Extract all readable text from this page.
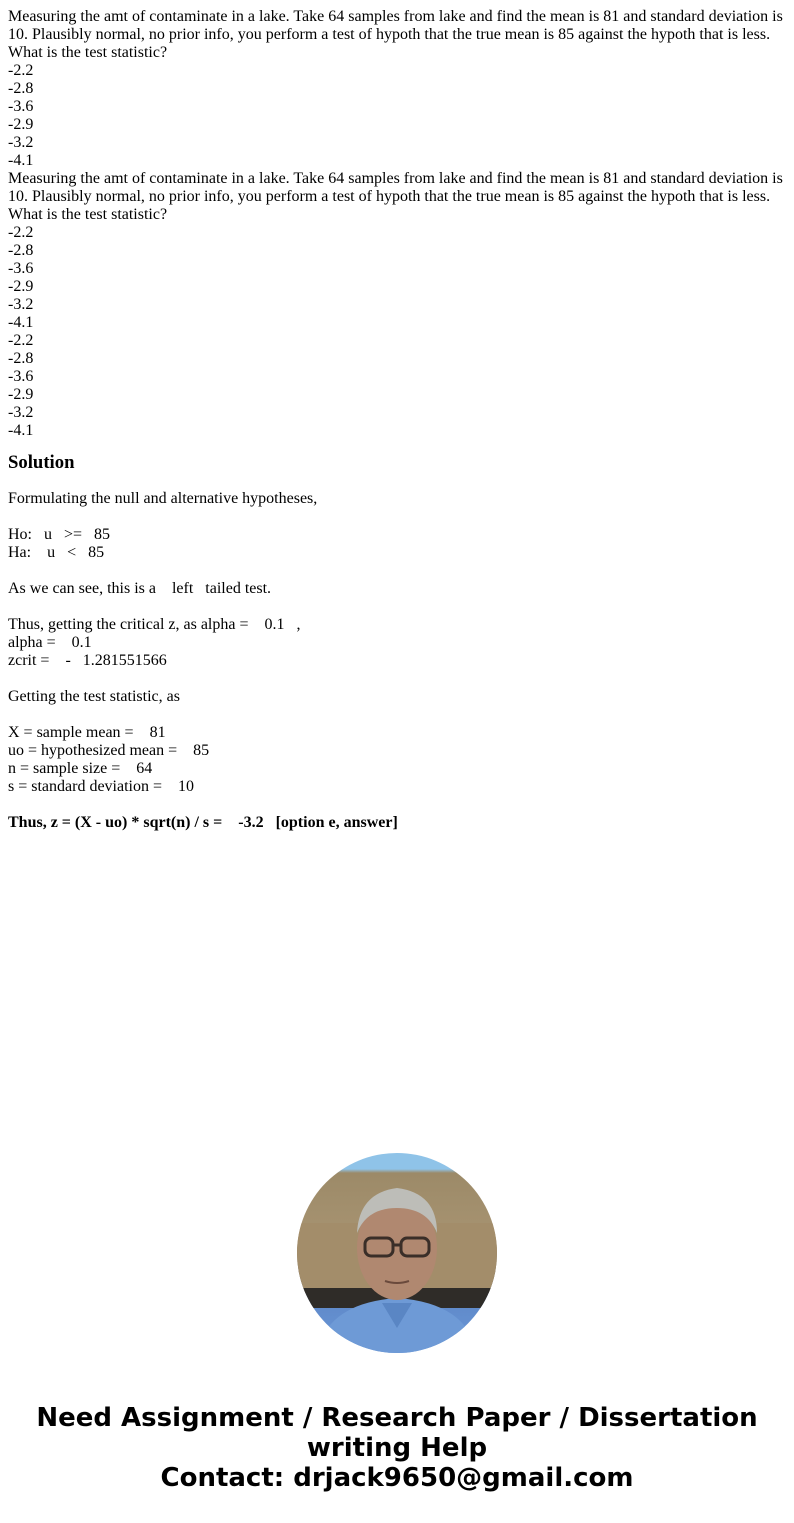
Measuring the amt of contaminate in a lake. Take 64 samples from lake and find the mean is 81 and standard deviation is 10. Plausibly normal, no prior info, you perform a test of hypoth that the true mean is 85 against the hypoth that is less. What is the test statistic?

-2.2
-2.8
-3.6
-2.9
-3.2
-4.1

Measuring the amt of contaminate in a lake. Take 64 samples from lake and find the mean is 81 and standard deviation is 10. Plausibly normal, no prior info, you perform a test of hypoth that the true mean is 85 against the hypoth that is less. What is the test statistic?

-2.2
-2.8
-3.6
-2.9
-3.2
-4.1
-2.2
-2.8
-3.6
-2.9
-3.2
-4.1
Solution

Formulating the null and alternative hypotheses,

Ho:   u   >=   85
Ha:    u   <   85
As we can see, this is a    left   tailed test.
Thus, getting the critical z, as alpha =    0.1   ,
alpha =    0.1
zcrit =    -   1.281551566

Getting the test statistic, as

X = sample mean =    81
uo = hypothesized mean =    85
n = sample size =    64
s = standard deviation =    10
Thus, z = (X - uo) * sqrt(n) / s =    -3.2   [option e, answer]
Need Assignment / Research Paper / Dissertation
writing Help
Contact: drjack9650@gmail.com
